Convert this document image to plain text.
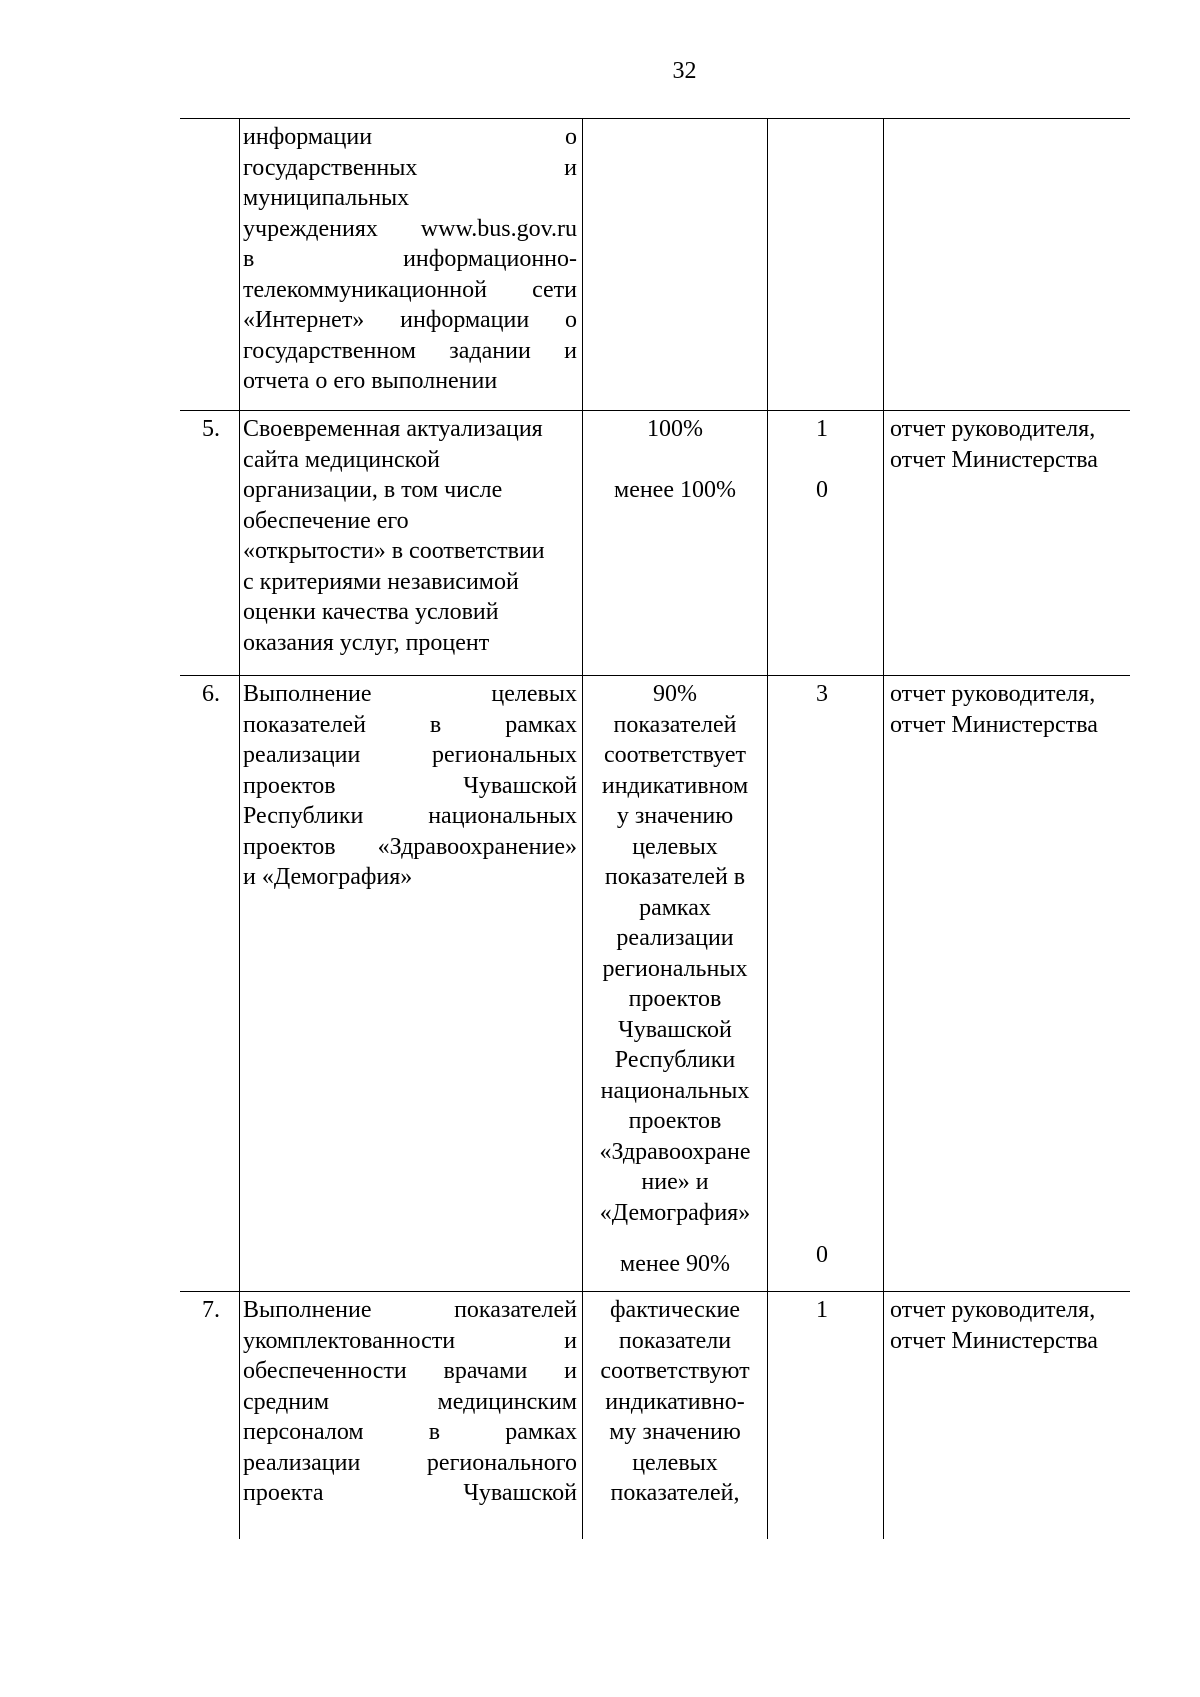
32
информации о
государственных и
муниципальных
учреждениях www.bus.gov.ru
в информационно-
телекоммуникационной сети
«Интернет» информации о
государственном задании и
отчета о его выполнении
5. Своевременная актуализация
сайта медицинской
организации, в том числе
обеспечение его
«открытости» в соответствии
с критериями независимой
оценки качества условий
оказания услуг, процент
100%
менее 100%
1
0
отчет руководителя,
отчет Министерства
6. Выполнение целевых
показателей в рамках
реализации региональных
проектов Чувашской
Республики национальных
проектов «Здравоохранение»
и «Демография»
90%
показателей
соответствует
индикативном
у значению
целевых
показателей в
рамках
реализации
региональных
проектов
Чувашской
Республики
национальных
проектов
«Здравоохране
ние» и
«Демография»
менее 90%
3
0
отчет руководителя,
отчет Министерства
7. Выполнение показателей
укомплектованности и
обеспеченности врачами и
средним медицинским
персоналом в рамках
реализации регионального
проекта Чувашской
фактические
показатели
соответствуют
индикативно-
му значению
целевых
показателей,
1	отчет руководителя,
отчет Министерства
